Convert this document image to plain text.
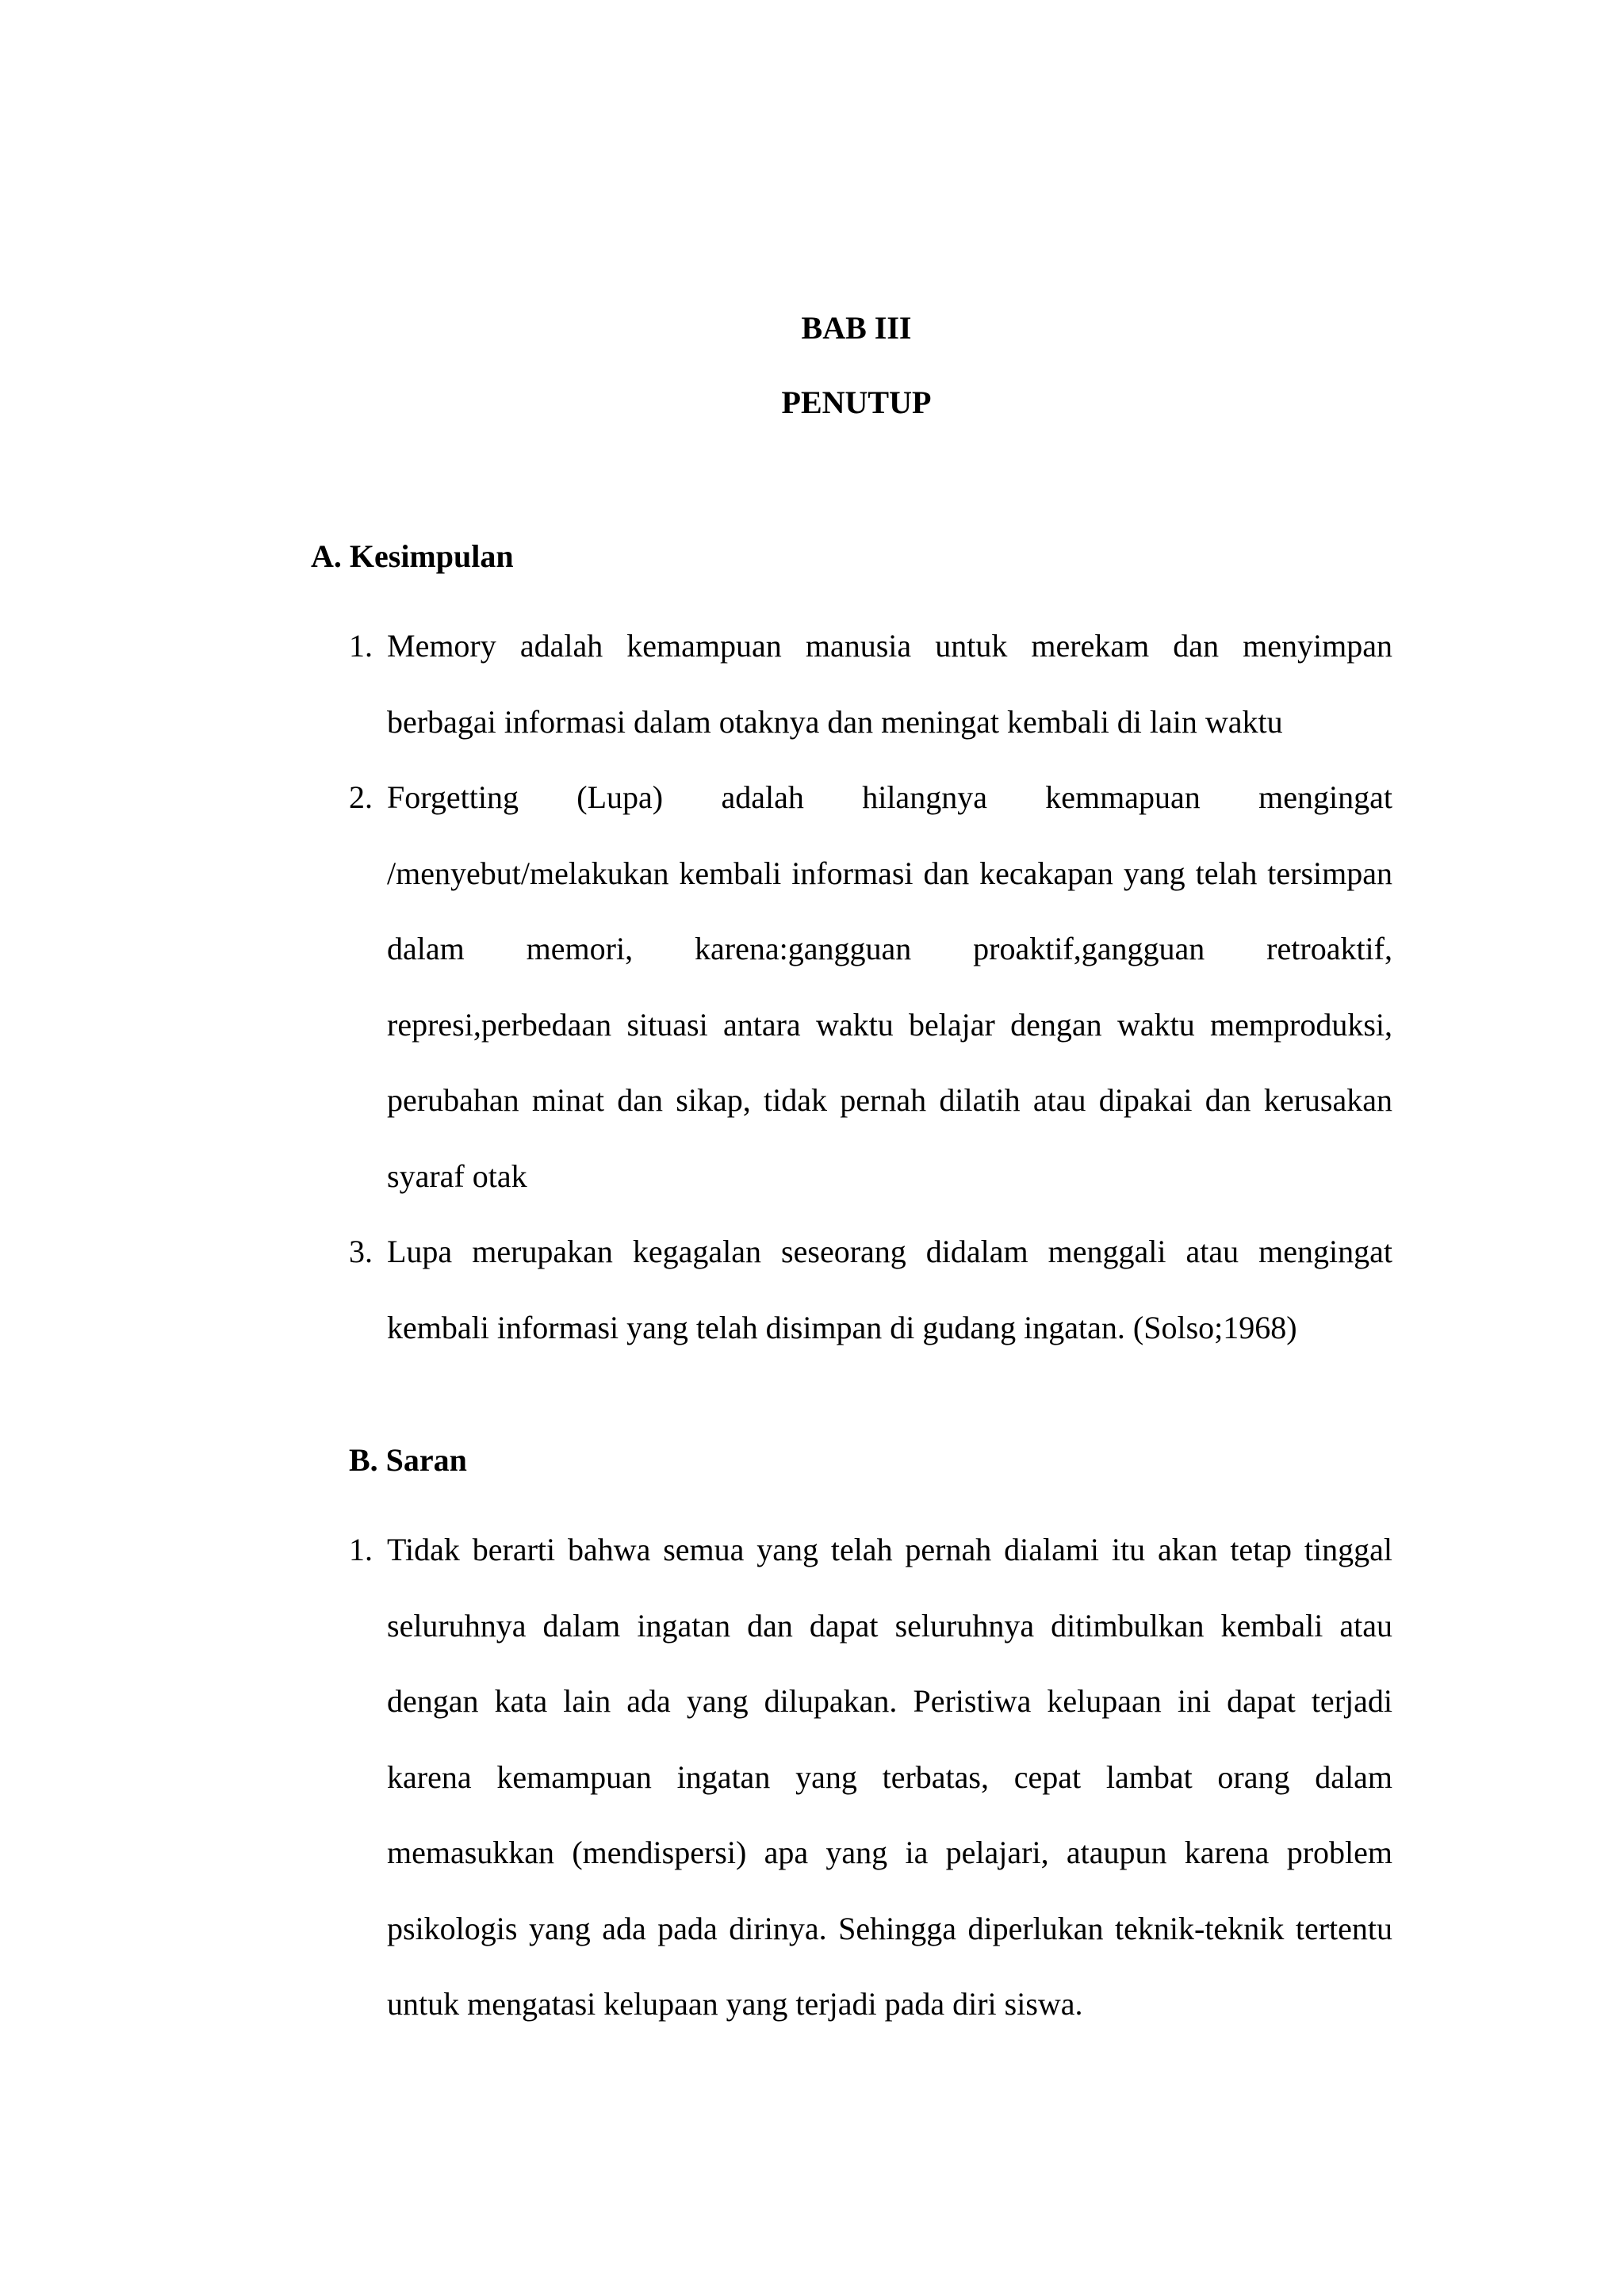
BAB III
PENUTUP
A. Kesimpulan
1. Memory adalah kemampuan manusia untuk merekam dan menyimpan berbagai informasi dalam otaknya dan meningat kembali di lain waktu
2. Forgetting (Lupa) adalah hilangnya kemmapuan mengingat /menyebut/melakukan kembali informasi dan kecakapan yang telah tersimpan dalam memori, karena:gangguan proaktif,gangguan retroaktif, represi,perbedaan situasi antara waktu belajar dengan waktu memproduksi, perubahan minat dan sikap, tidak pernah dilatih atau dipakai dan kerusakan syaraf otak
3. Lupa merupakan kegagalan seseorang didalam menggali atau mengingat kembali informasi yang telah disimpan di gudang ingatan. (Solso;1968)
B. Saran
1. Tidak berarti bahwa semua yang telah pernah dialami itu akan tetap tinggal seluruhnya dalam ingatan dan dapat seluruhnya ditimbulkan kembali atau dengan kata lain ada yang dilupakan. Peristiwa kelupaan ini dapat terjadi karena kemampuan ingatan yang terbatas, cepat lambat orang dalam memasukkan (mendispersi) apa yang ia pelajari, ataupun karena problem psikologis yang ada pada dirinya. Sehingga diperlukan teknik-teknik tertentu untuk mengatasi kelupaan yang terjadi pada diri siswa.
